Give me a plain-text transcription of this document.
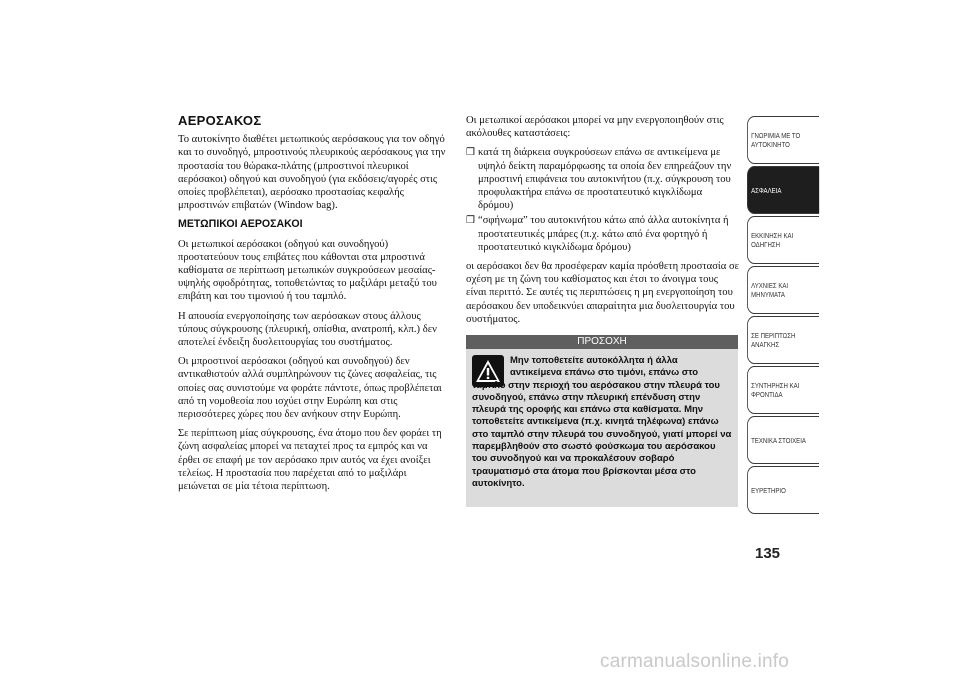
ΑΕΡΟΣΑΚΟΣ

Το αυτοκίνητο διαθέτει μετωπικούς αερόσακους για τον οδηγό και το συνοδηγό, μπροστινούς πλευρικούς αερόσακους για την προστασία του θώρακα-πλάτης (μπροστινοί πλευρικοί αερόσακοι) οδηγού και συνοδηγού (για εκδόσεις/αγορές στις οποίες προβλέπεται), αερόσακο προστασίας κεφαλής μπροστινών επιβατών (Window bag).

ΜΕΤΩΠΙΚΟΙ ΑΕΡΟΣΑΚΟΙ

Οι μετωπικοί αερόσακοι (οδηγού και συνοδηγού) προστατεύουν τους επιβάτες που κάθονται στα μπροστινά καθίσματα σε περίπτωση μετωπικών συγκρούσεων μεσαίας-υψηλής σφοδρότητας, τοποθετώντας το μαξιλάρι μεταξύ του επιβάτη και του τιμονιού ή του ταμπλό.

Η απουσία ενεργοποίησης των αερόσακων στους άλλους τύπους σύγκρουσης (πλευρική, οπίσθια, ανατροπή, κλπ.) δεν αποτελεί ένδειξη δυσλειτουργίας του συστήματος.

Οι μπροστινοί αερόσακοι (οδηγού και συνοδηγού) δεν αντικαθιστούν αλλά συμπληρώνουν τις ζώνες ασφαλείας, τις οποίες σας συνιστούμε να φοράτε πάντοτε, όπως προβλέπεται από τη νομοθεσία που ισχύει στην Ευρώπη και στις περισσότερες χώρες που δεν ανήκουν στην Ευρώπη.

Σε περίπτωση μίας σύγκρουσης, ένα άτομο που δεν φοράει τη ζώνη ασφαλείας μπορεί να πεταχτεί προς τα εμπρός και να έρθει σε επαφή με τον αερόσακο πριν αυτός να έχει ανοίξει τελείως. Η προστασία που παρέχεται από το μαξιλάρι μειώνεται σε μία τέτοια περίπτωση.

Οι μετωπικοί αερόσακοι μπορεί να μην ενεργοποιηθούν στις ακόλουθες καταστάσεις:

❒ κατά τη διάρκεια συγκρούσεων επάνω σε αντικείμενα με υψηλό δείκτη παραμόρφωσης τα οποία δεν επηρεάζουν την μπροστινή επιφάνεια του αυτοκινήτου (π.χ. σύγκρουση του προφυλακτήρα επάνω σε προστατευτικό κιγκλίδωμα δρόμου)
❒ “σφήνωμα” του αυτοκινήτου κάτω από άλλα αυτοκίνητα ή προστατευτικές μπάρες (π.χ. κάτω από ένα φορτηγό ή προστατευτικό κιγκλίδωμα δρόμου)

οι αερόσακοι δεν θα προσέφεραν καμία πρόσθετη προστασία σε σχέση με τη ζώνη του καθίσματος και έτσι το άνοιγμα τους είναι περιττό. Σε αυτές τις περιπτώσεις η μη ενεργοποίηση του αερόσακου δεν υποδεικνύει απαραίτητα μια δυσλειτουργία του συστήματος.

ΠΡΟΣΟΧΗ
Μην τοποθετείτε αυτοκόλλητα ή άλλα αντικείμενα επάνω στο τιμόνι, επάνω στο
ταμπλό στην περιοχή του αερόσακου στην πλευρά του συνοδηγού, επάνω στην πλευρική επένδυση στην πλευρά της οροφής και επάνω στα καθίσματα. Μην τοποθετείτε αντικείμενα (π.χ. κινητά τηλέφωνα) επάνω στο ταμπλό στην πλευρά του συνοδηγού, γιατί μπορεί να παρεμβληθούν στο σωστό φούσκωμα του αερόσακου του συνοδηγού και να προκαλέσουν σοβαρό τραυματισμό στα άτομα που βρίσκονται μέσα στο αυτοκίνητο.
ΓΝΩΡΙΜΙΑ ΜΕ ΤΟ ΑΥΤΟΚΙΝΗΤΟ
ΑΣΦΑΛΕΙΑ
ΕΚΚΙΝΗΣΗ ΚΑΙ ΟΔΗΓΗΣΗ
ΛΥΧΝΙΕΣ ΚΑΙ ΜΗΝΥΜΑΤΑ
ΣΕ ΠΕΡΙΠΤΩΣΗ ΑΝΑΓΚΗΣ
ΣΥΝΤΗΡΗΣΗ ΚΑΙ ΦΡΟΝΤΙΔΑ
ΤΕΧΝΙΚΑ ΣΤΟΙΧΕΙΑ
ΕΥΡΕΤΗΡΙΟ
135
carmanualsonline.info
